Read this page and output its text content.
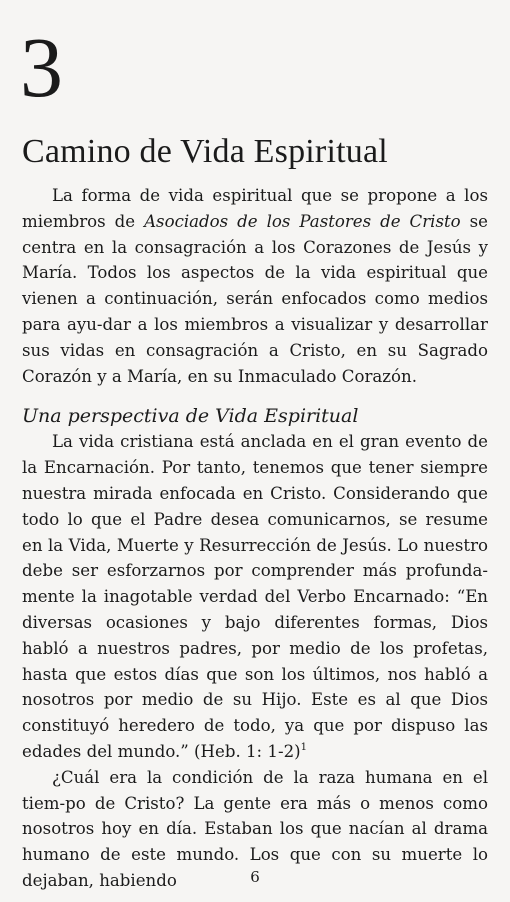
3
Camino de Vida Espiritual

La forma de vida espiritual que se propone a los miembros de Asociados de los Pastores de Cristo se centra en la consagración a los Corazones de Jesús y María. Todos los aspectos de la vida espiritual que vienen a continuación, serán enfocados como medios para ayu-dar a los miembros a visualizar y desarrollar sus vidas en consagración a Cristo, en su Sagrado Corazón y a María, en su Inmaculado Corazón.

Una perspectiva de Vida Espiritual

La vida cristiana está anclada en el gran evento de la Encarnación. Por tanto, tenemos que tener siempre nuestra mirada enfocada en Cristo. Considerando que todo lo que el Padre desea comunicarnos, se resume en la Vida, Muerte y Resurrección de Jesús. Lo nuestro debe ser esforzarnos por comprender más profunda-mente la inagotable verdad del Verbo Encarnado: “En diversas ocasiones y bajo diferentes formas, Dios habló a nuestros padres, por medio de los profetas, hasta que estos días que son los últimos, nos habló a nosotros por medio de su Hijo. Este es al que Dios constituyó heredero de todo, ya que por dispuso las edades del mundo.” (Heb. 1: 1-2)$^1$

¿Cuál era la condición de la raza humana en el tiem-po de Cristo? La gente era más o menos como nosotros hoy en día. Estaban los que nacían al drama humano de este mundo. Los que con su muerte lo dejaban, habiendo	6
